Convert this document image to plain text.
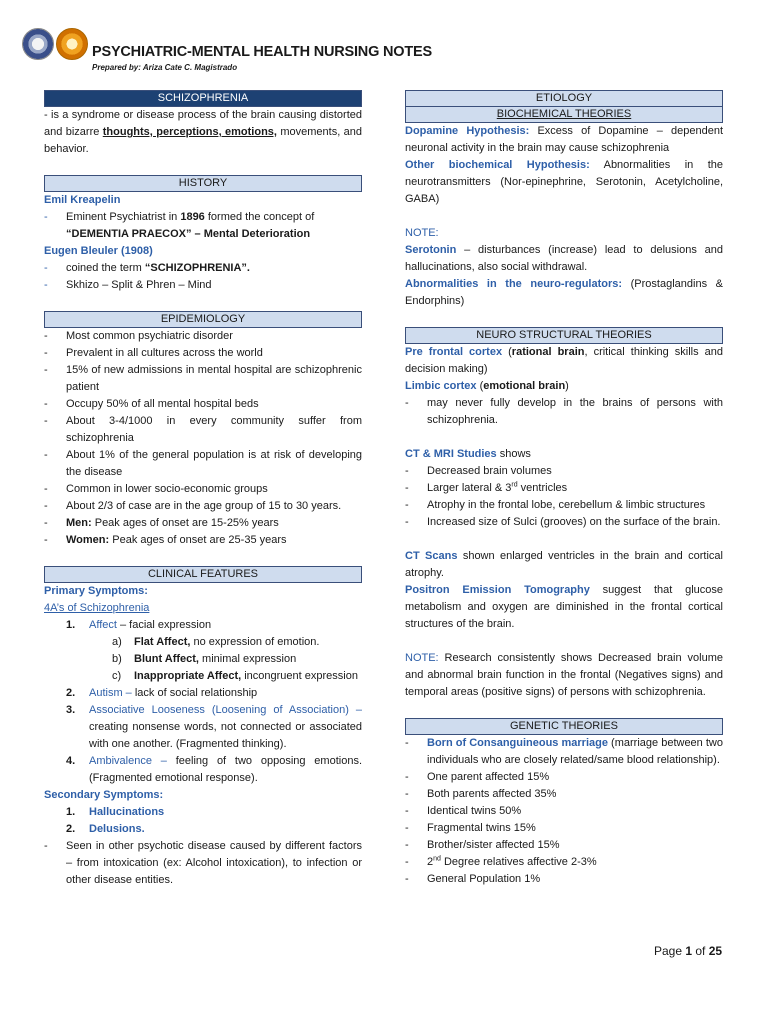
PSYCHIATRIC-MENTAL HEALTH NURSING NOTES
Prepared by: Ariza Cate C. Magistrado
SCHIZOPHRENIA

- is a syndrome or disease process of the brain causing distorted and bizarre thoughts, perceptions, emotions, movements, and behavior.

HISTORY
Emil Kreapelin
- Eminent Psychiatrist in 1896 formed the concept of
“DEMENTIA PRAECOX” – Mental Deterioration
Eugen Bleuler (1908)
- coined the term “SCHIZOPHRENIA”.
- Skhizo – Split & Phren – Mind
EPIDEMIOLOGY
- Most common psychiatric disorder
- Prevalent in all cultures across the world
- 15% of new admissions in mental hospital are schizophrenic patient
- Occupy 50% of all mental hospital beds
- About 3-4/1000 in every community suffer from schizophrenia
- About 1% of the general population is at risk of developing the disease
- Common in lower socio-economic groups
- About 2/3 of case are in the age group of 15 to 30 years.
- Men: Peak ages of onset are 15-25% years
- Women: Peak ages of onset are 25-35 years
CLINICAL FEATURES
Primary Symptoms:
4A’s of Schizophrenia
1. Affect – facial expression
a) Flat Affect, no expression of emotion.
b) Blunt Affect, minimal expression
c) Inappropriate Affect, incongruent expression
2. Autism – lack of social relationship
3. Associative Looseness (Loosening of Association) – creating nonsense words, not connected or associated with one another. (Fragmented thinking).
4. Ambivalence – feeling of two opposing emotions. (Fragmented emotional response).
Secondary Symptoms:
1. Hallucinations
2. Delusions.
- Seen in other psychotic disease caused by different factors – from intoxication (ex: Alcohol intoxication), to infection or other disease entities.
ETIOLOGY
BIOCHEMICAL THEORIES

Dopamine Hypothesis: Excess of Dopamine – dependent neuronal activity in the brain may cause schizophrenia

Other biochemical Hypothesis: Abnormalities in the neurotransmitters (Nor-epinephrine, Serotonin, Acetylcholine, GABA)

NOTE:

Serotonin – disturbances (increase) lead to delusions and hallucinations, also social withdrawal.

Abnormalities in the neuro-regulators: (Prostaglandins & Endorphins)

NEURO STRUCTURAL THEORIES

Pre frontal cortex (rational brain, critical thinking skills and decision making)

Limbic cortex (emotional brain)

- may never fully develop in the brains of persons with schizophrenia.

CT & MRI Studies shows

- Decreased brain volumes
- Larger lateral & 3rd ventricles
- Atrophy in the frontal lobe, cerebellum & limbic structures
- Increased size of Sulci (grooves) on the surface of the brain.

CT Scans shown enlarged ventricles in the brain and cortical atrophy.

Positron Emission Tomography suggest that glucose metabolism and oxygen are diminished in the frontal cortical structures of the brain.

NOTE: Research consistently shows Decreased brain volume and abnormal brain function in the frontal (Negatives signs) and temporal areas (positive signs) of persons with schizophrenia.

GENETIC THEORIES
- Born of Consanguineous marriage (marriage between two individuals who are closely related/same blood relationship).
- One parent affected 15%
- Both parents affected 35%
- Identical twins 50%
- Fragmental twins 15%
- Brother/sister affected 15%
- 2nd Degree relatives affective 2-3%
- General Population 1%
Page 1 of 25
